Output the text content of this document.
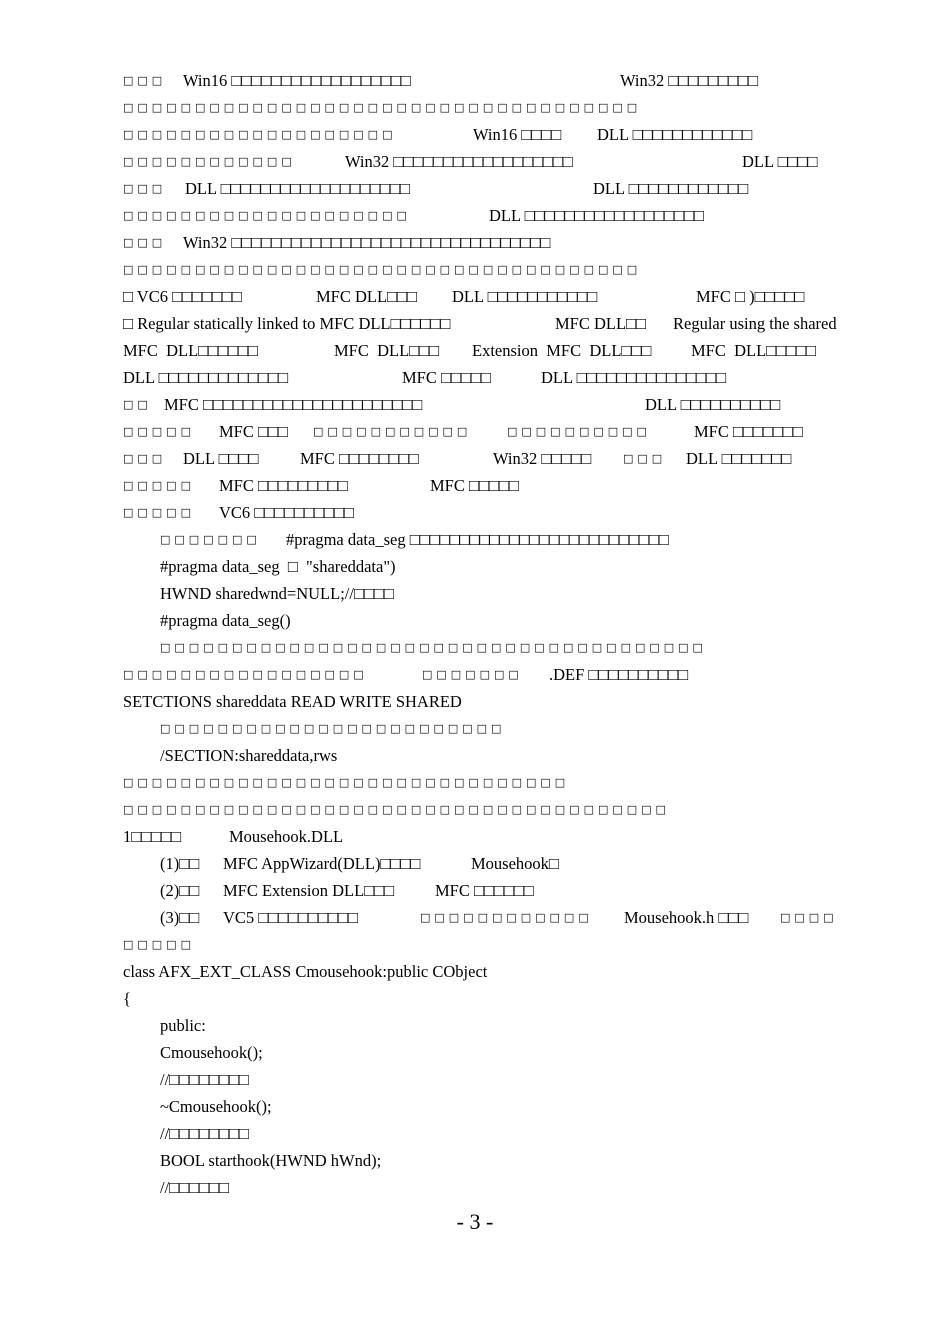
□□□ Win16 □□□□□□□□□□□□□□□□□□	Win32 □□□□□□□□□
□□□□□□□□□□□□□□□□□□□□□□□□□□□□□□□□□□□□
□□□□□□□□□□□□□□□□□□□	Win16 □□□□ DLL □□□□□□□□□□□□
□□□□□□□□□□□□	Win32 □□□□□□□□□□□□□□□□□□	DLL □□□□
□□□ DLL □□□□□□□□□□□□□□□□□□□	DLL □□□□□□□□□□□□
□□□□□□□□□□□□□□□□□□□□	DLL □□□□□□□□□□□□□□□□□□
□□□ Win32 □□□□□□□□□□□□□□□□□□□□□□□□□□□□□□□□
□□□□□□□□□□□□□□□□□□□□□□□□□□□□□□□□□□□□
□ VC6 □□□□□□□	MFC DLL□□□ DLL □□□□□□□□□□□	MFC □ )□□□□□
□ Regular statically linked to MFC DLL□□□□□□	MFC DLL□□ Regular using the shared
MFC  DLL□□□□□□	MFC  DLL□□□ Extension  MFC  DLL□□□ MFC  DLL□□□□□
DLL □□□□□□□□□□□□□	MFC □□□□□	DLL □□□□□□□□□□□□□□□
□□ MFC □□□□□□□□□□□□□□□□□□□□□□	DLL □□□□□□□□□□
□□□□□ MFC □□□ □□□□□□□□□□□	□□□□□□□□□□	MFC □□□□□□□
□□□ DLL □□□□	MFC □□□□□□□□	Win32 □□□□□	□□□ DLL □□□□□□□
□□□□□ MFC □□□□□□□□□	MFC □□□□□
□□□□□ VC6 □□□□□□□□□□
□□□□□□□ #pragma data_seg □□□□□□□□□□□□□□□□□□□□□□□□□□
#pragma data_seg  □  "shareddata")
HWND sharedwnd=NULL;//□□□□
#pragma data_seg()
□□□□□□□□□□□□□□□□□□□□□□□□□□□□□□□□□□□□□□
□□□□□□□□□□□□□□□□□	□□□□□□□ .DEF □□□□□□□□□□
SETCTIONS shareddata READ WRITE SHARED
□□□□□□□□□□□□□□□□□□□□□□□□
/SECTION:shareddata,rws
□□□□□□□□□□□□□□□□□□□□□□□□□□□□□□□
□□□□□□□□□□□□□□□□□□□□□□□□□□□□□□□□□□□□□□
1□□□□□	Mousehook.DLL
(1)□□ MFC AppWizard(DLL)□□□□	Mousehook□
(2)□□ MFC Extension DLL□□□ MFC □□□□□□
(3)□□ VC5 □□□□□□□□□□	□□□□□□□□□□□□ Mousehook.h □□□	□□□□
□□□□□
class AFX_EXT_CLASS Cmousehook:public CObject
{
public:
Cmousehook();
//□□□□□□□□
~Cmousehook();
//□□□□□□□□
BOOL starthook(HWND hWnd);
//□□□□□□
- 3 -
